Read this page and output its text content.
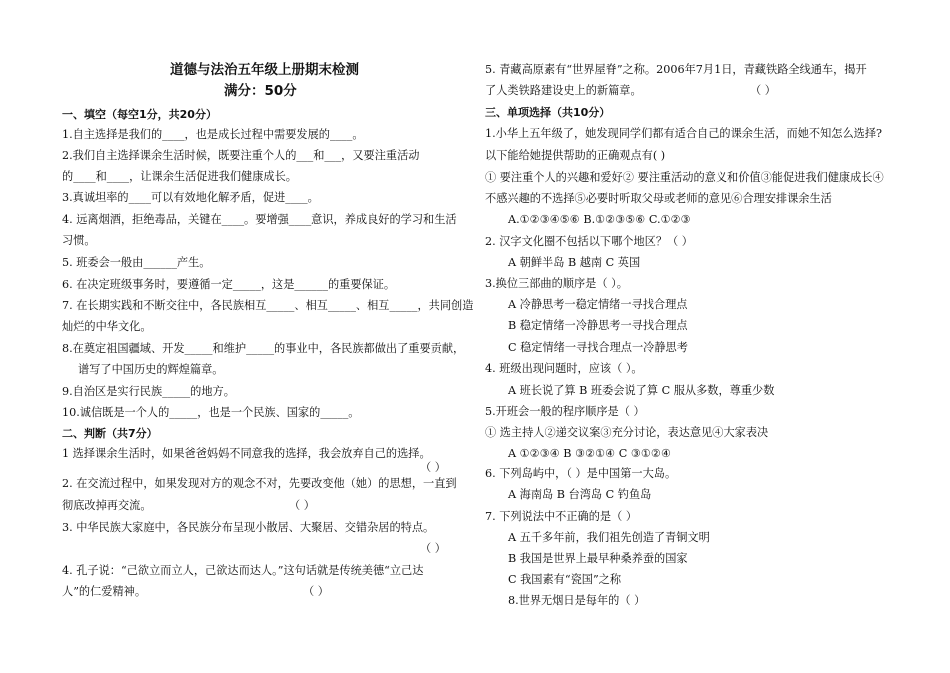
道德与法治五年级上册期末检测
满分：50分
一、填空（每空1分，共20分）
1.自主选择是我们的____，也是成长过程中需要发展的____。
2.我们自主选择课余生活时候，既要注重个人的___和___，又要注重活动
的____和____，让课余生活促进我们健康成长。
3.真诚坦率的____可以有效地化解矛盾，促进____。
4. 远离烟酒，拒绝毒品，关键在____。要增强____意识，养成良好的学习和生活
习惯。
5. 班委会一般由______产生。
6. 在决定班级事务时，要遵循一定_____，这是______的重要保证。
7. 在长期实践和不断交往中，各民族相互_____、相互_____、相互_____，共同创造
灿烂的中华文化。
8.在奠定祖国疆域、开发_____和维护_____的事业中，各民族都做出了重要贡献，
谱写了中国历史的辉煌篇章。
9.自治区是实行民族_____的地方。
10.诚信既是一个人的_____，也是一个民族、国家的_____。
二、判断（共7分）
1 选择课余生活时，如果爸爸妈妈不同意我的选择，我会放弃自己的选择。
（ ）
2. 在交流过程中，如果发现对方的观念不对，先要改变他（她）的思想，一直到
彻底改掉再交流。	（ ）
3. 中华民族大家庭中，各民族分布呈现小散居、大聚居、交错杂居的特点。
（ ）
4. 孔子说：“己欲立而立人，己欲达而达人。”这句话就是传统美德“立己达
人”的仁爱精神。	（ ）
5. 青藏高原素有“世界屋脊”之称。2006年7月1日，青藏铁路全线通车，揭开
了人类铁路建设史上的新篇章。	（ ）
三、单项选择（共10分）
1.小华上五年级了，她发现同学们都有适合自己的课余生活，而她不知怎么选择?
以下能给她提供帮助的正确观点有( )
① 要注重个人的兴趣和爱好② 要注重活动的意义和价值③能促进我们健康成长④
不感兴趣的不选择⑤必要时听取父母或老师的意见⑥合理安排课余生活
A.①②③④⑤⑥ B.①②③⑤⑥ C.①②③
2. 汉字文化圈不包括以下哪个地区？（ ）
A 朝鲜半岛 B 越南 C 英国
3.换位三部曲的顺序是（ ）。
A 冷静思考一稳定情绪一寻找合理点
B 稳定情绪一冷静思考一寻找合理点
C 稳定情绪一寻找合理点一冷静思考
4. 班级出现问题时，应该（ ）。
A 班长说了算 B 班委会说了算 C 服从多数，尊重少数
5.开班会一般的程序顺序是（ ）
① 选主持人②递交议案③充分讨论，表达意见④大家表决
A ①②③④ B ③②①④ C ③①②④
6. 下列岛屿中，（ ）是中国第一大岛。
A 海南岛 B 台湾岛 C 钓鱼岛
7. 下列说法中不正确的是（ ）
A 五千多年前，我们祖先创造了青铜文明
B 我国是世界上最早种桑养蚕的国家
C 我国素有“瓷国”之称
8.世界无烟日是每年的（ ）
